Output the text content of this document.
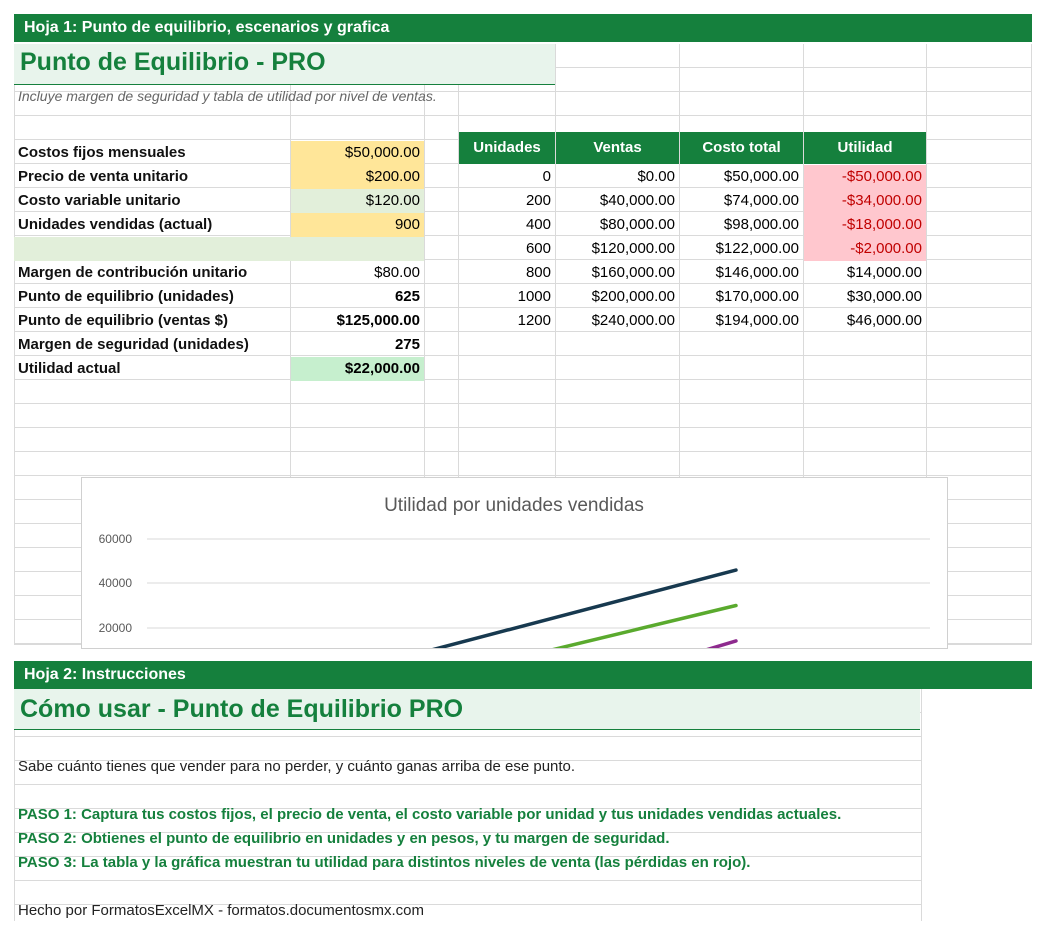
Hoja 1: Punto de equilibrio, escenarios y grafica
Punto de Equilibrio - PRO
Incluye margen de seguridad y tabla de utilidad por nivel de ventas.
Costos fijos mensuales	$50,000.00
Precio de venta unitario	$200.00
Costo variable unitario	$120.00
Unidades vendidas (actual)	900
Margen de contribución unitario	$80.00
Punto de equilibrio (unidades)	625
Punto de equilibrio (ventas $)	$125,000.00
Margen de seguridad (unidades)	275
Utilidad actual	$22,000.00
Unidades	Ventas	Costo total	Utilidad
0	$0.00	$50,000.00	-$50,000.00
200	$40,000.00	$74,000.00	-$34,000.00
400	$80,000.00	$98,000.00	-$18,000.00
600	$120,000.00	$122,000.00	-$2,000.00
800	$160,000.00	$146,000.00	$14,000.00
1000	$200,000.00	$170,000.00	$30,000.00
1200	$240,000.00	$194,000.00	$46,000.00
Utilidad por unidades vendidas
60000
40000
20000
Hoja 2: Instrucciones
Cómo usar - Punto de Equilibrio PRO
Sabe cuánto tienes que vender para no perder, y cuánto ganas arriba de ese punto.
PASO 1: Captura tus costos fijos, el precio de venta, el costo variable por unidad y tus unidades vendidas actuales.
PASO 2: Obtienes el punto de equilibrio en unidades y en pesos, y tu margen de seguridad.
PASO 3: La tabla y la gráfica muestran tu utilidad para distintos niveles de venta (las pérdidas en rojo).
Hecho por FormatosExcelMX - formatos.documentosmx.com
